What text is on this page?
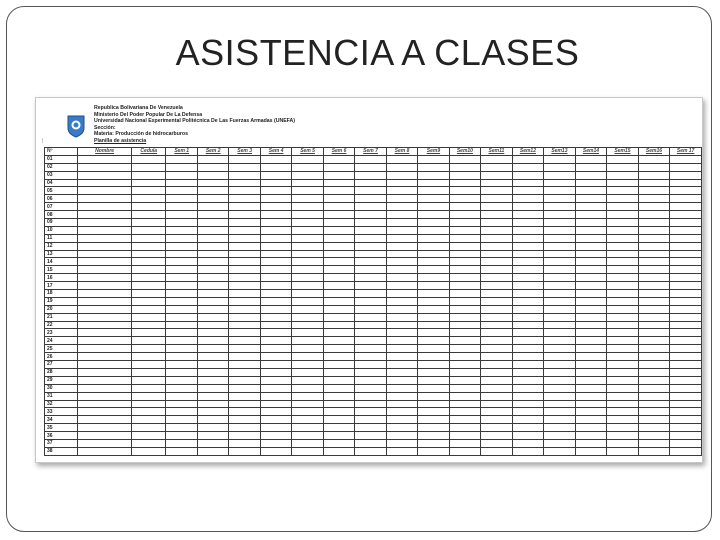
ASISTENCIA A CLASES
Republica Bolivariana De Venezuela
Ministerio Del Poder Popular De La Defensa
Universidad Nacional Experimental Politécnica De Las Fuerzas Armadas (UNEFA)
Sección:
Materia: Producción de hidrocarburos
Planilla de asistencia
|
Nº	Nombre	Cedula	Sem 1	Sem 2	Sem 3	Sem 4	Sem 5	Sem 6	Sem 7	Sem 8	Sem9	Sem10	Sem11	Sem12	Sem13	Sem14	Sem15	Sem16	Sem 17
01																			
02																			
03																			
04																			
05																			
06																			
07																			
08																			
09																			
10																			
11																			
12																			
13																			
14																			
15																			
16																			
17																			
18																			
19																			
20																			
21																			
22																			
23																			
24																			
25																			
26																			
27																			
28																			
29																			
30																			
31																			
32																			
33																			
34																			
35																			
36																			
37																			
38																			
